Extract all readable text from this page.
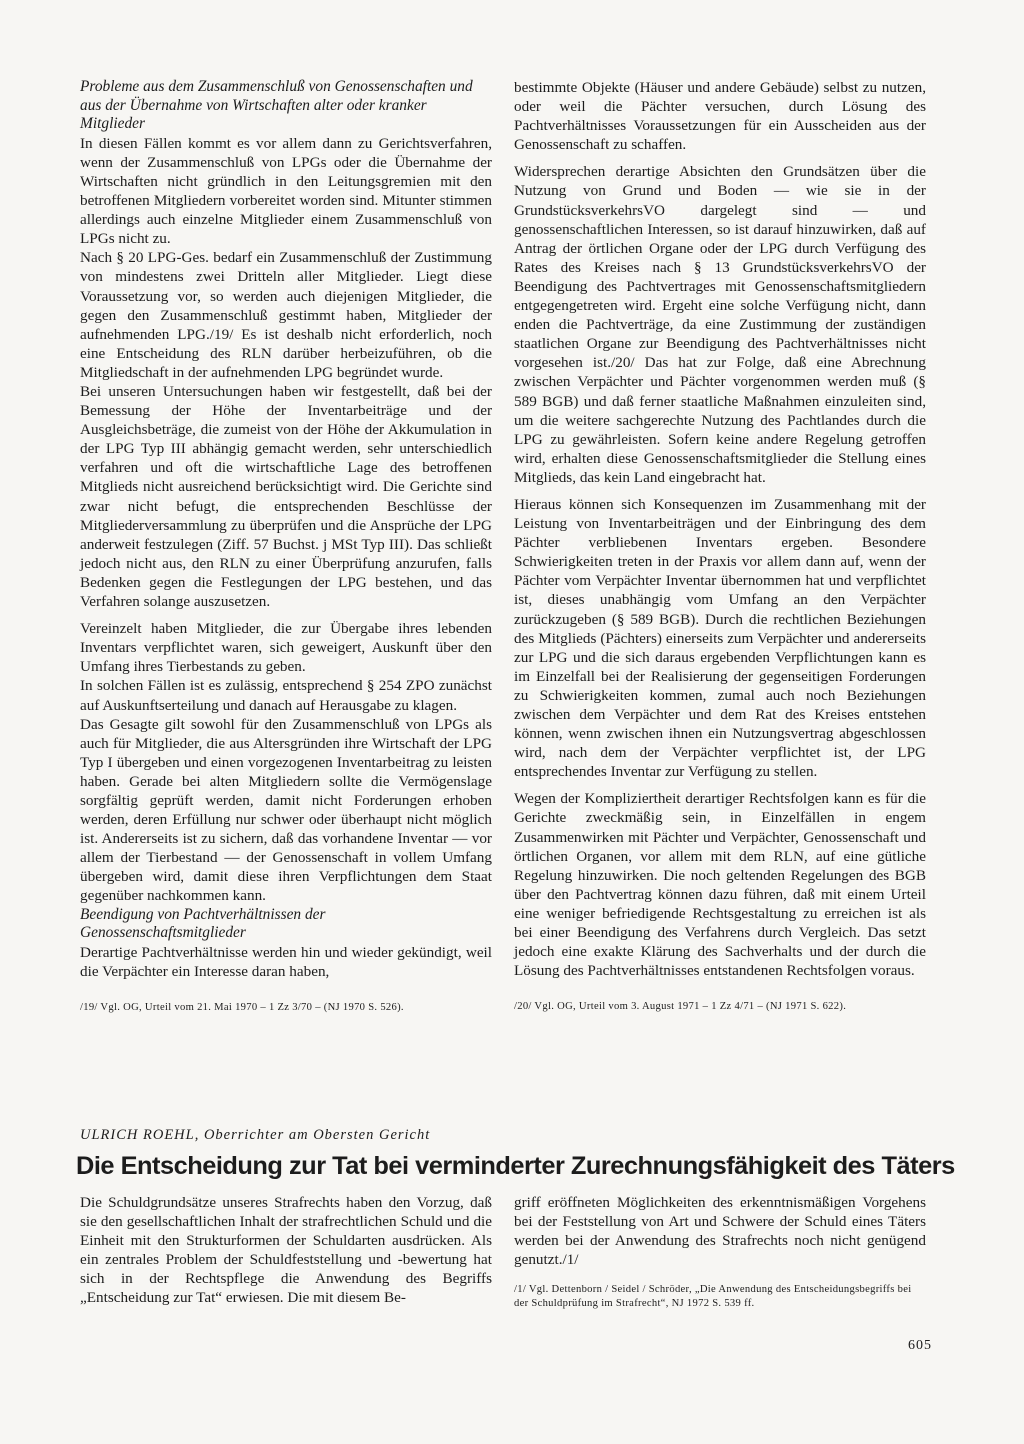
Probleme aus dem Zusammenschluß von Genossenschaften und aus der Übernahme von Wirtschaften alter oder kranker Mitglieder

In diesen Fällen kommt es vor allem dann zu Gerichtsverfahren, wenn der Zusammenschluß von LPGs oder die Übernahme der Wirtschaften nicht gründlich in den Leitungsgremien mit den betroffenen Mitgliedern vorbereitet worden sind. Mitunter stimmen allerdings auch einzelne Mitglieder einem Zusammenschluß von LPGs nicht zu.

Nach § 20 LPG-Ges. bedarf ein Zusammenschluß der Zustimmung von mindestens zwei Dritteln aller Mitglieder. Liegt diese Voraussetzung vor, so werden auch diejenigen Mitglieder, die gegen den Zusammenschluß gestimmt haben, Mitglieder der aufnehmenden LPG./19/ Es ist deshalb nicht erforderlich, noch eine Entscheidung des RLN darüber herbeizuführen, ob die Mitgliedschaft in der aufnehmenden LPG begründet wurde.

Bei unseren Untersuchungen haben wir festgestellt, daß bei der Bemessung der Höhe der Inventarbeiträge und der Ausgleichsbeträge, die zumeist von der Höhe der Akkumulation in der LPG Typ III abhängig gemacht werden, sehr unterschiedlich verfahren und oft die wirtschaftliche Lage des betroffenen Mitglieds nicht ausreichend berücksichtigt wird. Die Gerichte sind zwar nicht befugt, die entsprechenden Beschlüsse der Mitgliederversammlung zu überprüfen und die Ansprüche der LPG anderweit festzulegen (Ziff. 57 Buchst. j MSt Typ III). Das schließt jedoch nicht aus, den RLN zu einer Überprüfung anzurufen, falls Bedenken gegen die Festlegungen der LPG bestehen, und das Verfahren solange auszusetzen.

Vereinzelt haben Mitglieder, die zur Übergabe ihres lebenden Inventars verpflichtet waren, sich geweigert, Auskunft über den Umfang ihres Tierbestands zu geben.

In solchen Fällen ist es zulässig, entsprechend § 254 ZPO zunächst auf Auskunftserteilung und danach auf Herausgabe zu klagen.

Das Gesagte gilt sowohl für den Zusammenschluß von LPGs als auch für Mitglieder, die aus Altersgründen ihre Wirtschaft der LPG Typ I übergeben und einen vorgezogenen Inventarbeitrag zu leisten haben. Gerade bei alten Mitgliedern sollte die Vermögenslage sorgfältig geprüft werden, damit nicht Forderungen erhoben werden, deren Erfüllung nur schwer oder überhaupt nicht möglich ist. Andererseits ist zu sichern, daß das vorhandene Inventar — vor allem der Tierbestand — der Genossenschaft in vollem Umfang übergeben wird, damit diese ihren Verpflichtungen dem Staat gegenüber nachkommen kann.

Beendigung von Pachtverhältnissen der Genossenschaftsmitglieder

Derartige Pachtverhältnisse werden hin und wieder gekündigt, weil die Verpächter ein Interesse daran haben,

/19/ Vgl. OG, Urteil vom 21. Mai 1970 – 1 Zz 3/70 – (NJ 1970 S. 526).

bestimmte Objekte (Häuser und andere Gebäude) selbst zu nutzen, oder weil die Pächter versuchen, durch Lösung des Pachtverhältnisses Voraussetzungen für ein Ausscheiden aus der Genossenschaft zu schaffen.

Widersprechen derartige Absichten den Grundsätzen über die Nutzung von Grund und Boden — wie sie in der GrundstücksverkehrsVO dargelegt sind — und genossenschaftlichen Interessen, so ist darauf hinzuwirken, daß auf Antrag der örtlichen Organe oder der LPG durch Verfügung des Rates des Kreises nach § 13 GrundstücksverkehrsVO der Beendigung des Pachtvertrages mit Genossenschaftsmitgliedern entgegengetreten wird. Ergeht eine solche Verfügung nicht, dann enden die Pachtverträge, da eine Zustimmung der zuständigen staatlichen Organe zur Beendigung des Pachtverhältnisses nicht vorgesehen ist./20/ Das hat zur Folge, daß eine Abrechnung zwischen Verpächter und Pächter vorgenommen werden muß (§ 589 BGB) und daß ferner staatliche Maßnahmen einzuleiten sind, um die weitere sachgerechte Nutzung des Pachtlandes durch die LPG zu gewährleisten. Sofern keine andere Regelung getroffen wird, erhalten diese Genossenschaftsmitglieder die Stellung eines Mitglieds, das kein Land eingebracht hat.

Hieraus können sich Konsequenzen im Zusammenhang mit der Leistung von Inventarbeiträgen und der Einbringung des dem Pächter verbliebenen Inventars ergeben. Besondere Schwierigkeiten treten in der Praxis vor allem dann auf, wenn der Pächter vom Verpächter Inventar übernommen hat und verpflichtet ist, dieses unabhängig vom Umfang an den Verpächter zurückzugeben (§ 589 BGB). Durch die rechtlichen Beziehungen des Mitglieds (Pächters) einerseits zum Verpächter und andererseits zur LPG und die sich daraus ergebenden Verpflichtungen kann es im Einzelfall bei der Realisierung der gegenseitigen Forderungen zu Schwierigkeiten kommen, zumal auch noch Beziehungen zwischen dem Verpächter und dem Rat des Kreises entstehen können, wenn zwischen ihnen ein Nutzungsvertrag abgeschlossen wird, nach dem der Verpächter verpflichtet ist, der LPG entsprechendes Inventar zur Verfügung zu stellen.

Wegen der Kompliziertheit derartiger Rechtsfolgen kann es für die Gerichte zweckmäßig sein, in Einzelfällen in engem Zusammenwirken mit Pächter und Verpächter, Genossenschaft und örtlichen Organen, vor allem mit dem RLN, auf eine gütliche Regelung hinzuwirken. Die noch geltenden Regelungen des BGB über den Pachtvertrag können dazu führen, daß mit einem Urteil eine weniger befriedigende Rechtsgestaltung zu erreichen ist als bei einer Beendigung des Verfahrens durch Vergleich. Das setzt jedoch eine exakte Klärung des Sachverhalts und der durch die Lösung des Pachtverhältnisses entstandenen Rechtsfolgen voraus.

/20/ Vgl. OG, Urteil vom 3. August 1971 – 1 Zz 4/71 – (NJ 1971 S. 622).

ULRICH ROEHL, Oberrichter am Obersten Gericht
Die Entscheidung zur Tat bei verminderter Zurechnungsfähigkeit des Täters

Die Schuldgrundsätze unseres Strafrechts haben den Vorzug, daß sie den gesellschaftlichen Inhalt der strafrechtlichen Schuld und die Einheit mit den Strukturformen der Schuldarten ausdrücken. Als ein zentrales Problem der Schuldfeststellung und -bewertung hat sich in der Rechtspflege die Anwendung des Begriffs „Entscheidung zur Tat“ erwiesen. Die mit diesem Be-

griff eröffneten Möglichkeiten des erkenntnismäßigen Vorgehens bei der Feststellung von Art und Schwere der Schuld eines Täters werden bei der Anwendung des Strafrechts noch nicht genügend genutzt./1/

/1/ Vgl. Dettenborn / Seidel / Schröder, „Die Anwendung des Entscheidungsbegriffs bei der Schuldprüfung im Strafrecht“, NJ 1972 S. 539 ff.

605
